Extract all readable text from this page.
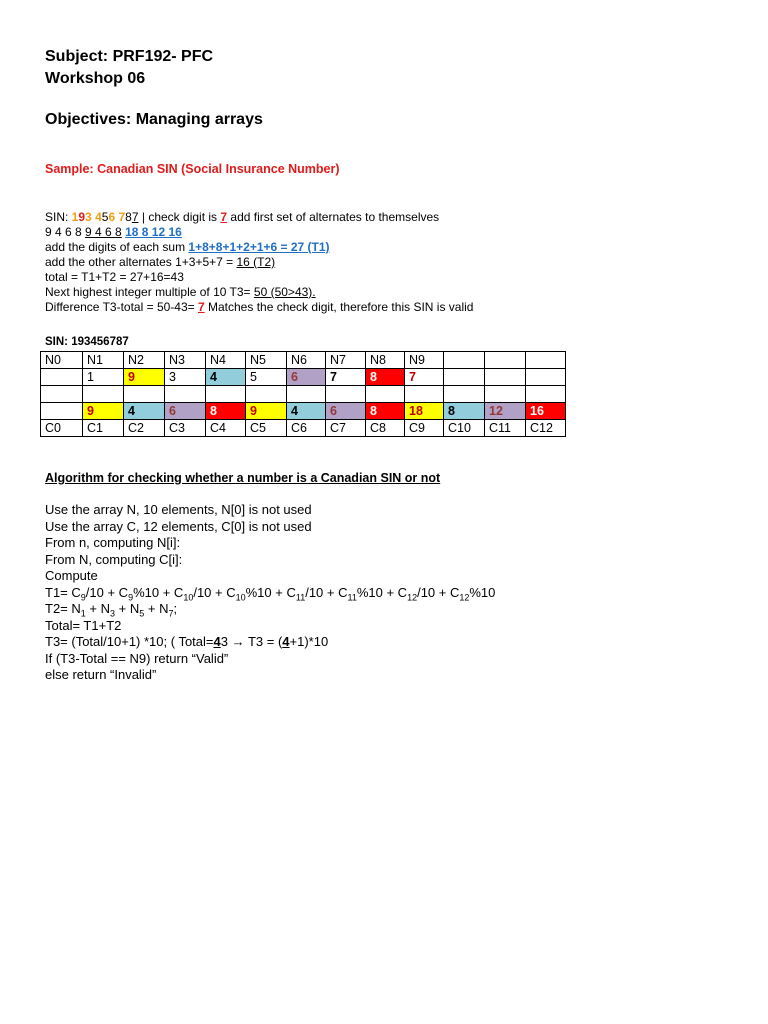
Subject: PRF192- PFC
Workshop 06
Objectives: Managing arrays
Sample: Canadian SIN (Social Insurance Number)
SIN: 193 456 787 | check digit is 7 add first set of alternates to themselves
9 4 6 8 9 4 6 8 18 8 12 16
add the digits of each sum 1+8+8+1+2+1+6 = 27 (T1)
add the other alternates 1+3+5+7 = 16 (T2)
total = T1+T2 = 27+16=43
Next highest integer multiple of 10 T3= 50 (50>43).
Difference T3-total = 50-43= 7 Matches the check digit, therefore this SIN is valid
SIN: 193456787
N0	N1	N2	N3	N4	N5	N6	N7	N8	N9			
	1	9	3	4	5	6	7	8	7			

	9	4	6	8	9	4	6	8	18	8	12	16
C0	C1	C2	C3	C4	C5	C6	C7	C8	C9	C10	C11	C12
Algorithm for checking whether a number is a Canadian SIN or not
Use the array N, 10 elements, N[0] is not used
Use the array C, 12 elements, C[0] is not used
From n, computing N[i]:
From N, computing C[i]:
Compute
$T1= C_9/10 + C_9\%10 + C_{10}/10 + C_{10}\%10 + C_{11}/10 + C_{11}\%10 + C_{12}/10 + C_{12}\%10$
$T2= N_1 + N_3 + N_5 + N_7$;
Total= T1+T2
T3= (Total/10+1) *10; ( Total=43 → T3 = (4+1)*10
If (T3-Total == N9) return “Valid”
else return “Invalid”
